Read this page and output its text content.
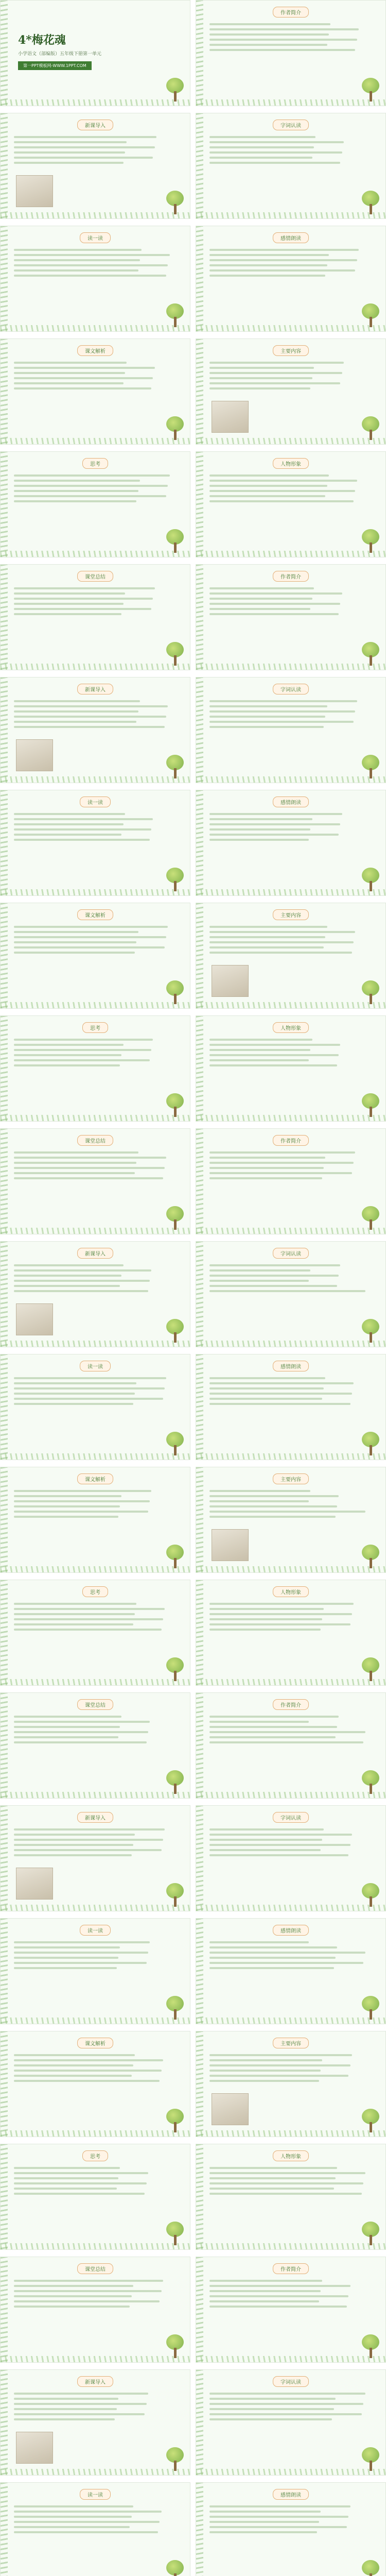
4*梅花魂
小学语文（部编版）五年级下册第一单元
第一PPT模板网-WWW.1PPT.COM
作者简介
新课导入	字词认读
读一读	感情朗读
课文解析	主要内容
思考	人物形象
课堂总结	作者简介
新课导入	字词认读
读一读	感情朗读
课文解析	主要内容
思考	人物形象
课堂总结	作者简介
新课导入	字词认读
读一读	感情朗读
课文解析	主要内容
思考	人物形象
课堂总结	作者简介
新课导入	字词认读
读一读	感情朗读
课文解析	主要内容
思考	人物形象
课堂总结	作者简介
新课导入	字词认读
读一读	感情朗读
